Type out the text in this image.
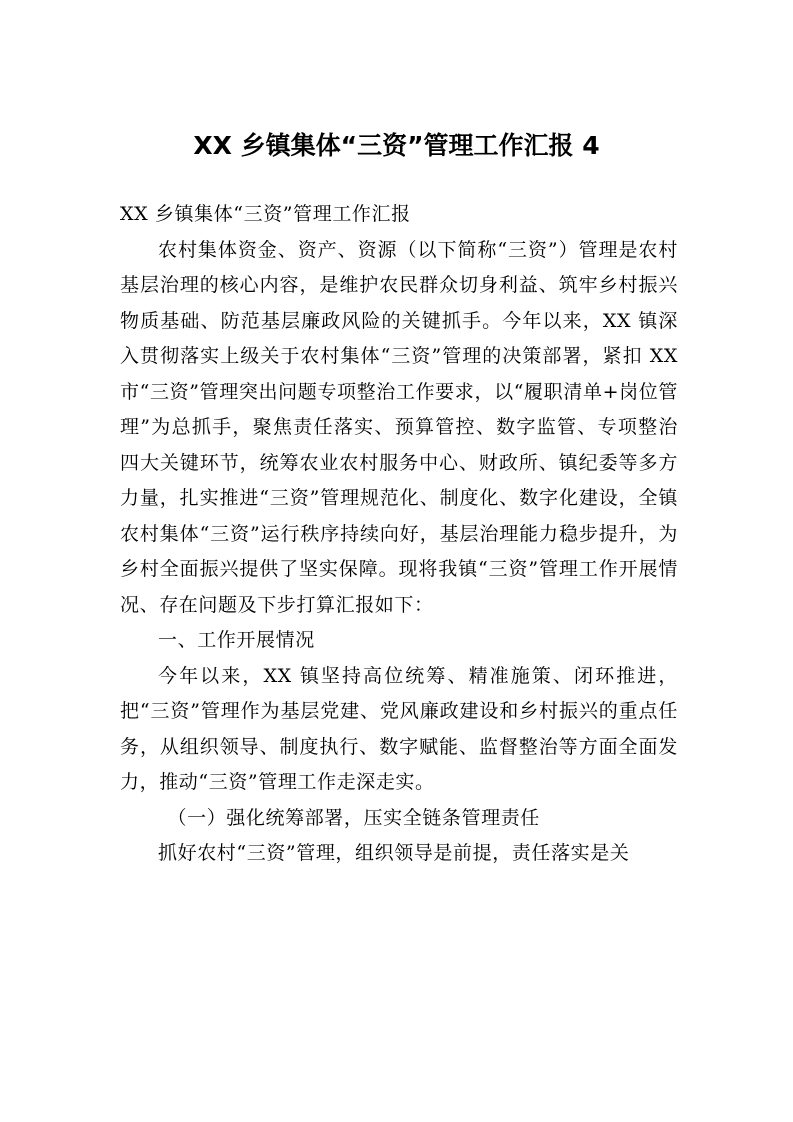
XX 乡镇集体“三资”管理工作汇报 4

XX 乡镇集体“三资”管理工作汇报

农村集体资金、资产、资源（以下简称“三资”）管理是农村基层治理的核心内容，是维护农民群众切身利益、筑牢乡村振兴物质基础、防范基层廉政风险的关键抓手。今年以来，XX 镇深入贯彻落实上级关于农村集体“三资”管理的决策部署，紧扣 XX 市“三资”管理突出问题专项整治工作要求，以“履职清单+岗位管理”为总抓手，聚焦责任落实、预算管控、数字监管、专项整治四大关键环节，统筹农业农村服务中心、财政所、镇纪委等多方力量，扎实推进“三资”管理规范化、制度化、数字化建设，全镇农村集体“三资”运行秩序持续向好，基层治理能力稳步提升，为乡村全面振兴提供了坚实保障。现将我镇“三资”管理工作开展情况、存在问题及下步打算汇报如下：

一、工作开展情况

今年以来，XX 镇坚持高位统筹、精准施策、闭环推进，把“三资”管理作为基层党建、党风廉政建设和乡村振兴的重点任务，从组织领导、制度执行、数字赋能、监督整治等方面全面发力，推动“三资”管理工作走深走实。

（一）强化统筹部署，压实全链条管理责任

抓好农村“三资”管理，组织领导是前提，责任落实是关
